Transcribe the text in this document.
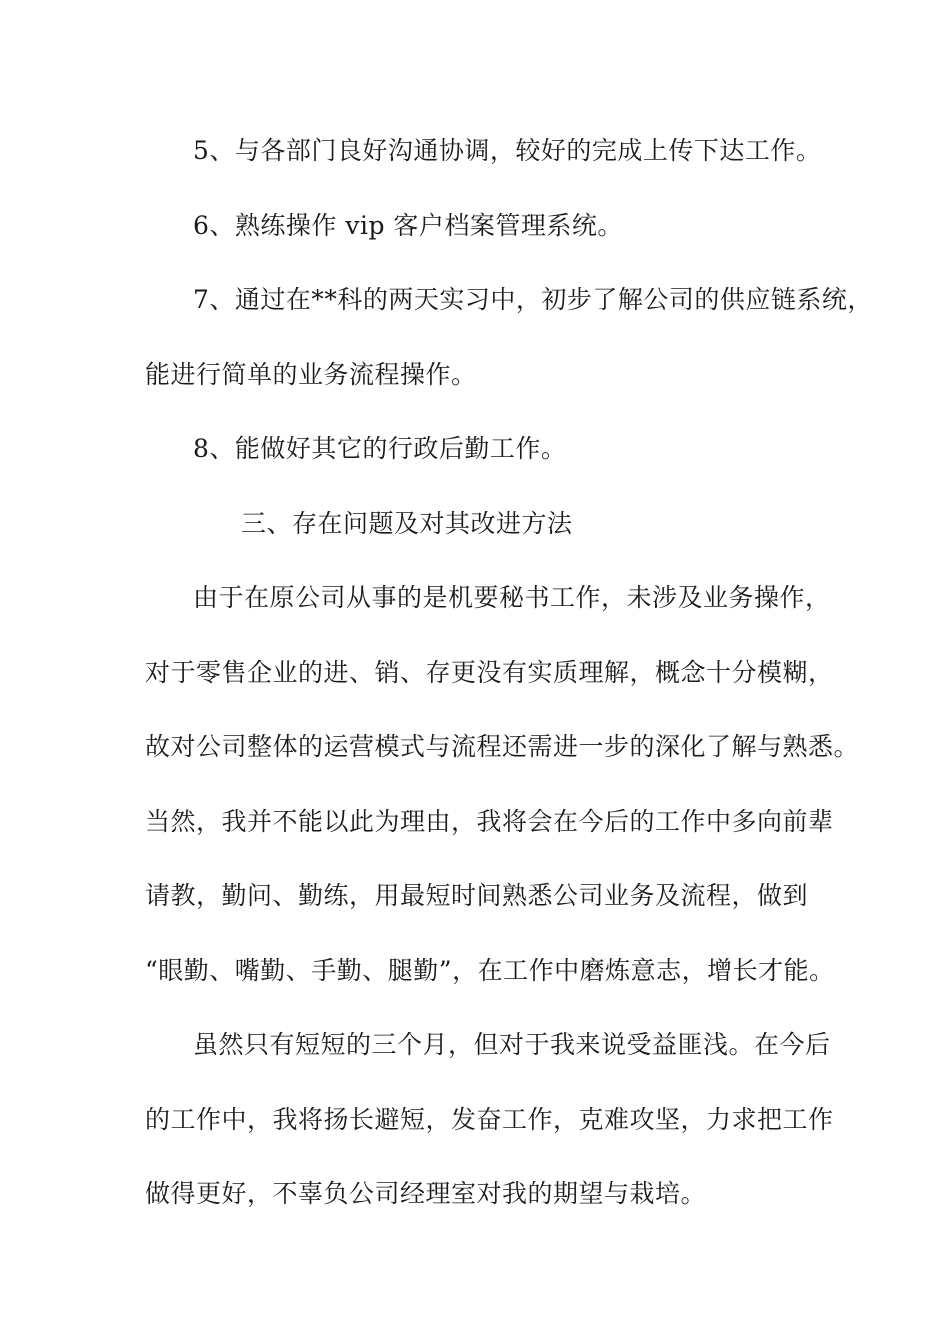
5、与各部门良好沟通协调，较好的完成上传下达工作。
6、熟练操作 vip 客户档案管理系统。
7、通过在**科的两天实习中，初步了解公司的供应链系统，
能进行简单的业务流程操作。
8、能做好其它的行政后勤工作。
三、存在问题及对其改进方法
由于在原公司从事的是机要秘书工作，未涉及业务操作，
对于零售企业的进、销、存更没有实质理解，概念十分模糊，
故对公司整体的运营模式与流程还需进一步的深化了解与熟悉。
当然，我并不能以此为理由，我将会在今后的工作中多向前辈
请教，勤问、勤练，用最短时间熟悉公司业务及流程，做到
“眼勤、嘴勤、手勤、腿勤”，在工作中磨炼意志，增长才能。
虽然只有短短的三个月，但对于我来说受益匪浅。在今后
的工作中，我将扬长避短，发奋工作，克难攻坚，力求把工作
做得更好，不辜负公司经理室对我的期望与栽培。
